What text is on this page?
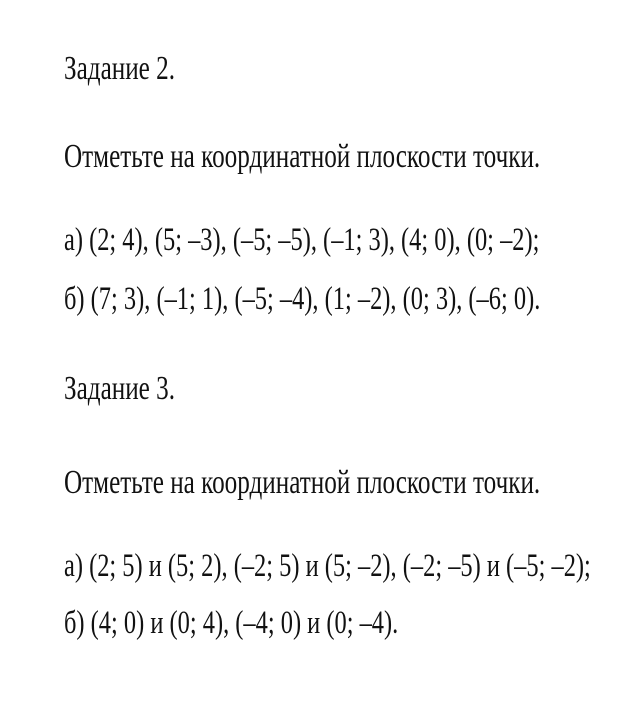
Задание 2.
Отметьте на координатной плоскости точки.
а) (2; 4), (5; –3), (–5; –5), (–1; 3), (4; 0), (0; –2);
б) (7; 3), (–1; 1), (–5; –4), (1; –2), (0; 3), (–6; 0).
Задание 3.
Отметьте на координатной плоскости точки.
а) (2; 5) и (5; 2), (–2; 5) и (5; –2), (–2; –5) и (–5; –2);
б) (4; 0) и (0; 4), (–4; 0) и (0; –4).
